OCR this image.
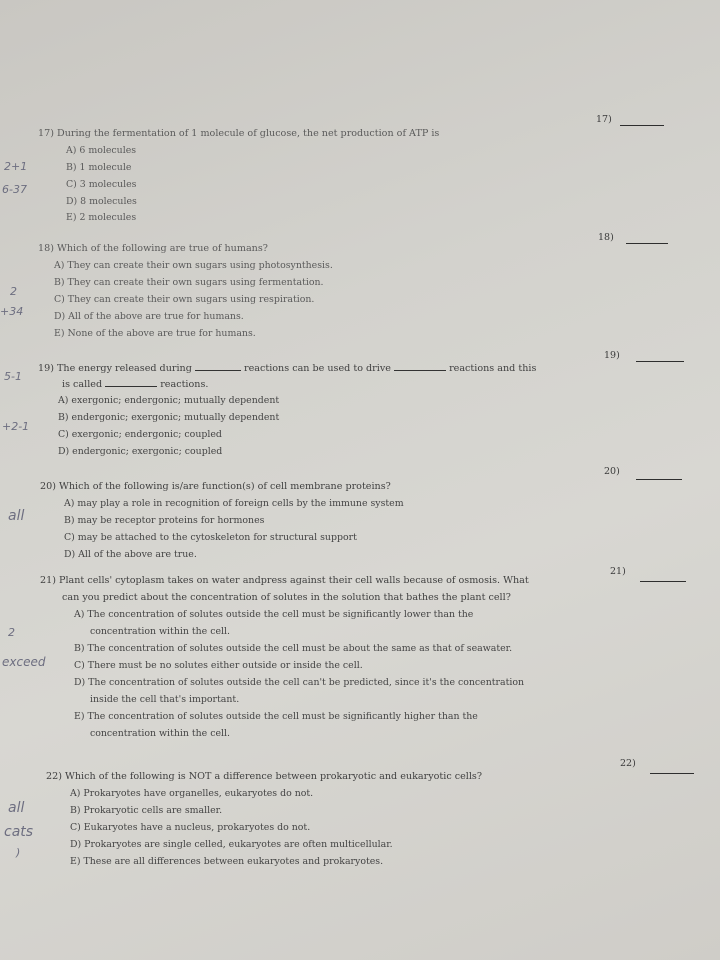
17)
17) During the fermentation of 1 molecule of glucose, the net production of ATP is
A) 6 molecules
B) 1 molecule
C) 3 molecules
D) 8 molecules
E) 2 molecules
18)
18) Which of the following are true of humans?
A) They can create their own sugars using photosynthesis.
B) They can create their own sugars using fermentation.
C) They can create their own sugars using respiration.
D) All of the above are true for humans.
E) None of the above are true for humans.
19)
19) The energy released during	reactions can be used to drive	reactions and this
is called	reactions.
A) exergonic; endergonic; mutually dependent
B) endergonic; exergonic; mutually dependent
C) exergonic; endergonic; coupled
D) endergonic; exergonic; coupled
20)
20) Which of the following is/are function(s) of cell membrane proteins?
A) may play a role in recognition of foreign cells by the immune system
B) may be receptor proteins for hormones
C) may be attached to the cytoskeleton for structural support
D) All of the above are true.
21)
21) Plant cells' cytoplasm takes on water andpress against their cell walls because of osmosis. What
can you predict about the concentration of solutes in the solution that bathes the plant cell?
A) The concentration of solutes outside the cell must be significantly lower than the
concentration within the cell.
B) The concentration of solutes outside the cell must be about the same as that of seawater.
C) There must be no solutes either outside or inside the cell.
D) The concentration of solutes outside the cell can't be predicted, since it's the concentration
inside the cell that's important.
E) The concentration of solutes outside the cell must be significantly higher than the
concentration within the cell.
22)
22) Which of the following is NOT a difference between prokaryotic and eukaryotic cells?
A) Prokaryotes have organelles, eukaryotes do not.
B) Prokaryotic cells are smaller.
C) Eukaryotes have a nucleus, prokaryotes do not.
D) Prokaryotes are single celled, eukaryotes are often multicellular.
E) These are all differences between eukaryotes and prokaryotes.
2+1
6-37
2
+34
5-1
+2-1
all
2
exceed
all
cats
)
